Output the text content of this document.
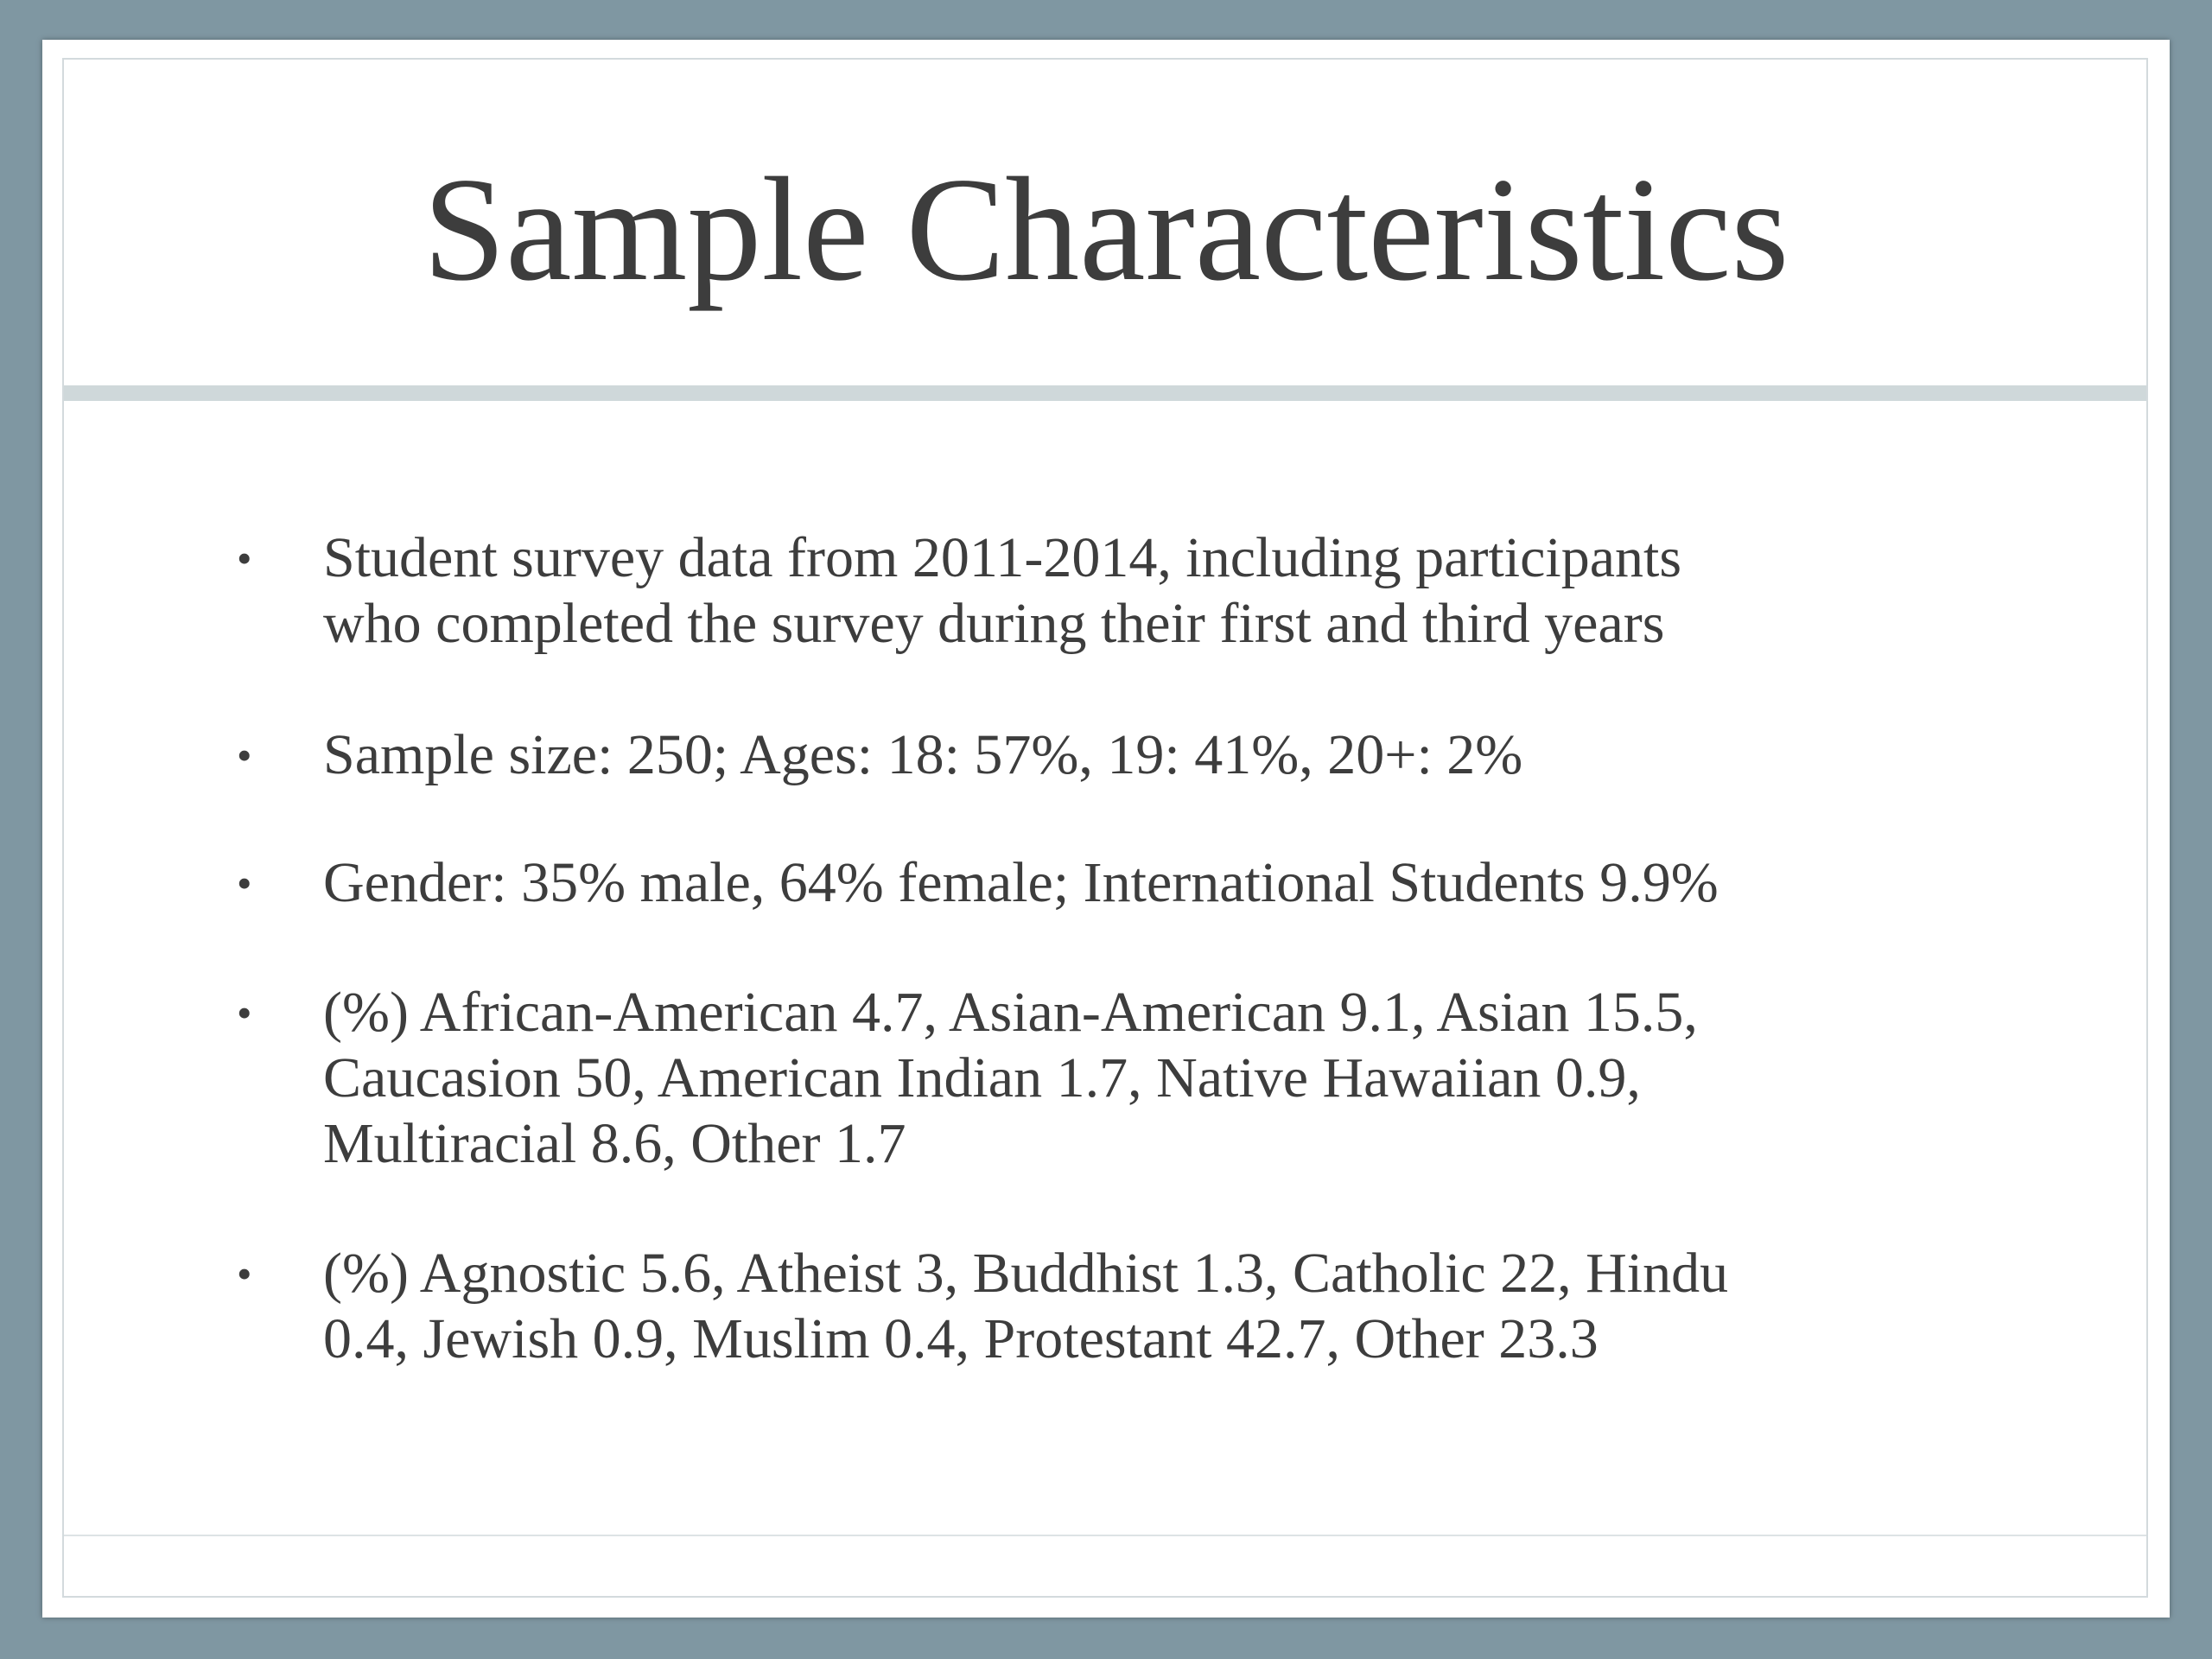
Sample Characteristics
•	Student survey data from 2011-2014, including participants
who completed the survey during their first and third years
•	Sample size: 250; Ages: 18: 57%, 19: 41%, 20+: 2%
•	Gender: 35% male, 64% female; International Students 9.9%
•	(%) African-American 4.7, Asian-American 9.1, Asian 15.5,
Caucasion 50, American Indian 1.7, Native Hawaiian 0.9,
Multiracial 8.6, Other 1.7
•	(%) Agnostic 5.6, Atheist 3, Buddhist 1.3, Catholic 22, Hindu
0.4, Jewish 0.9, Muslim 0.4, Protestant 42.7, Other 23.3
